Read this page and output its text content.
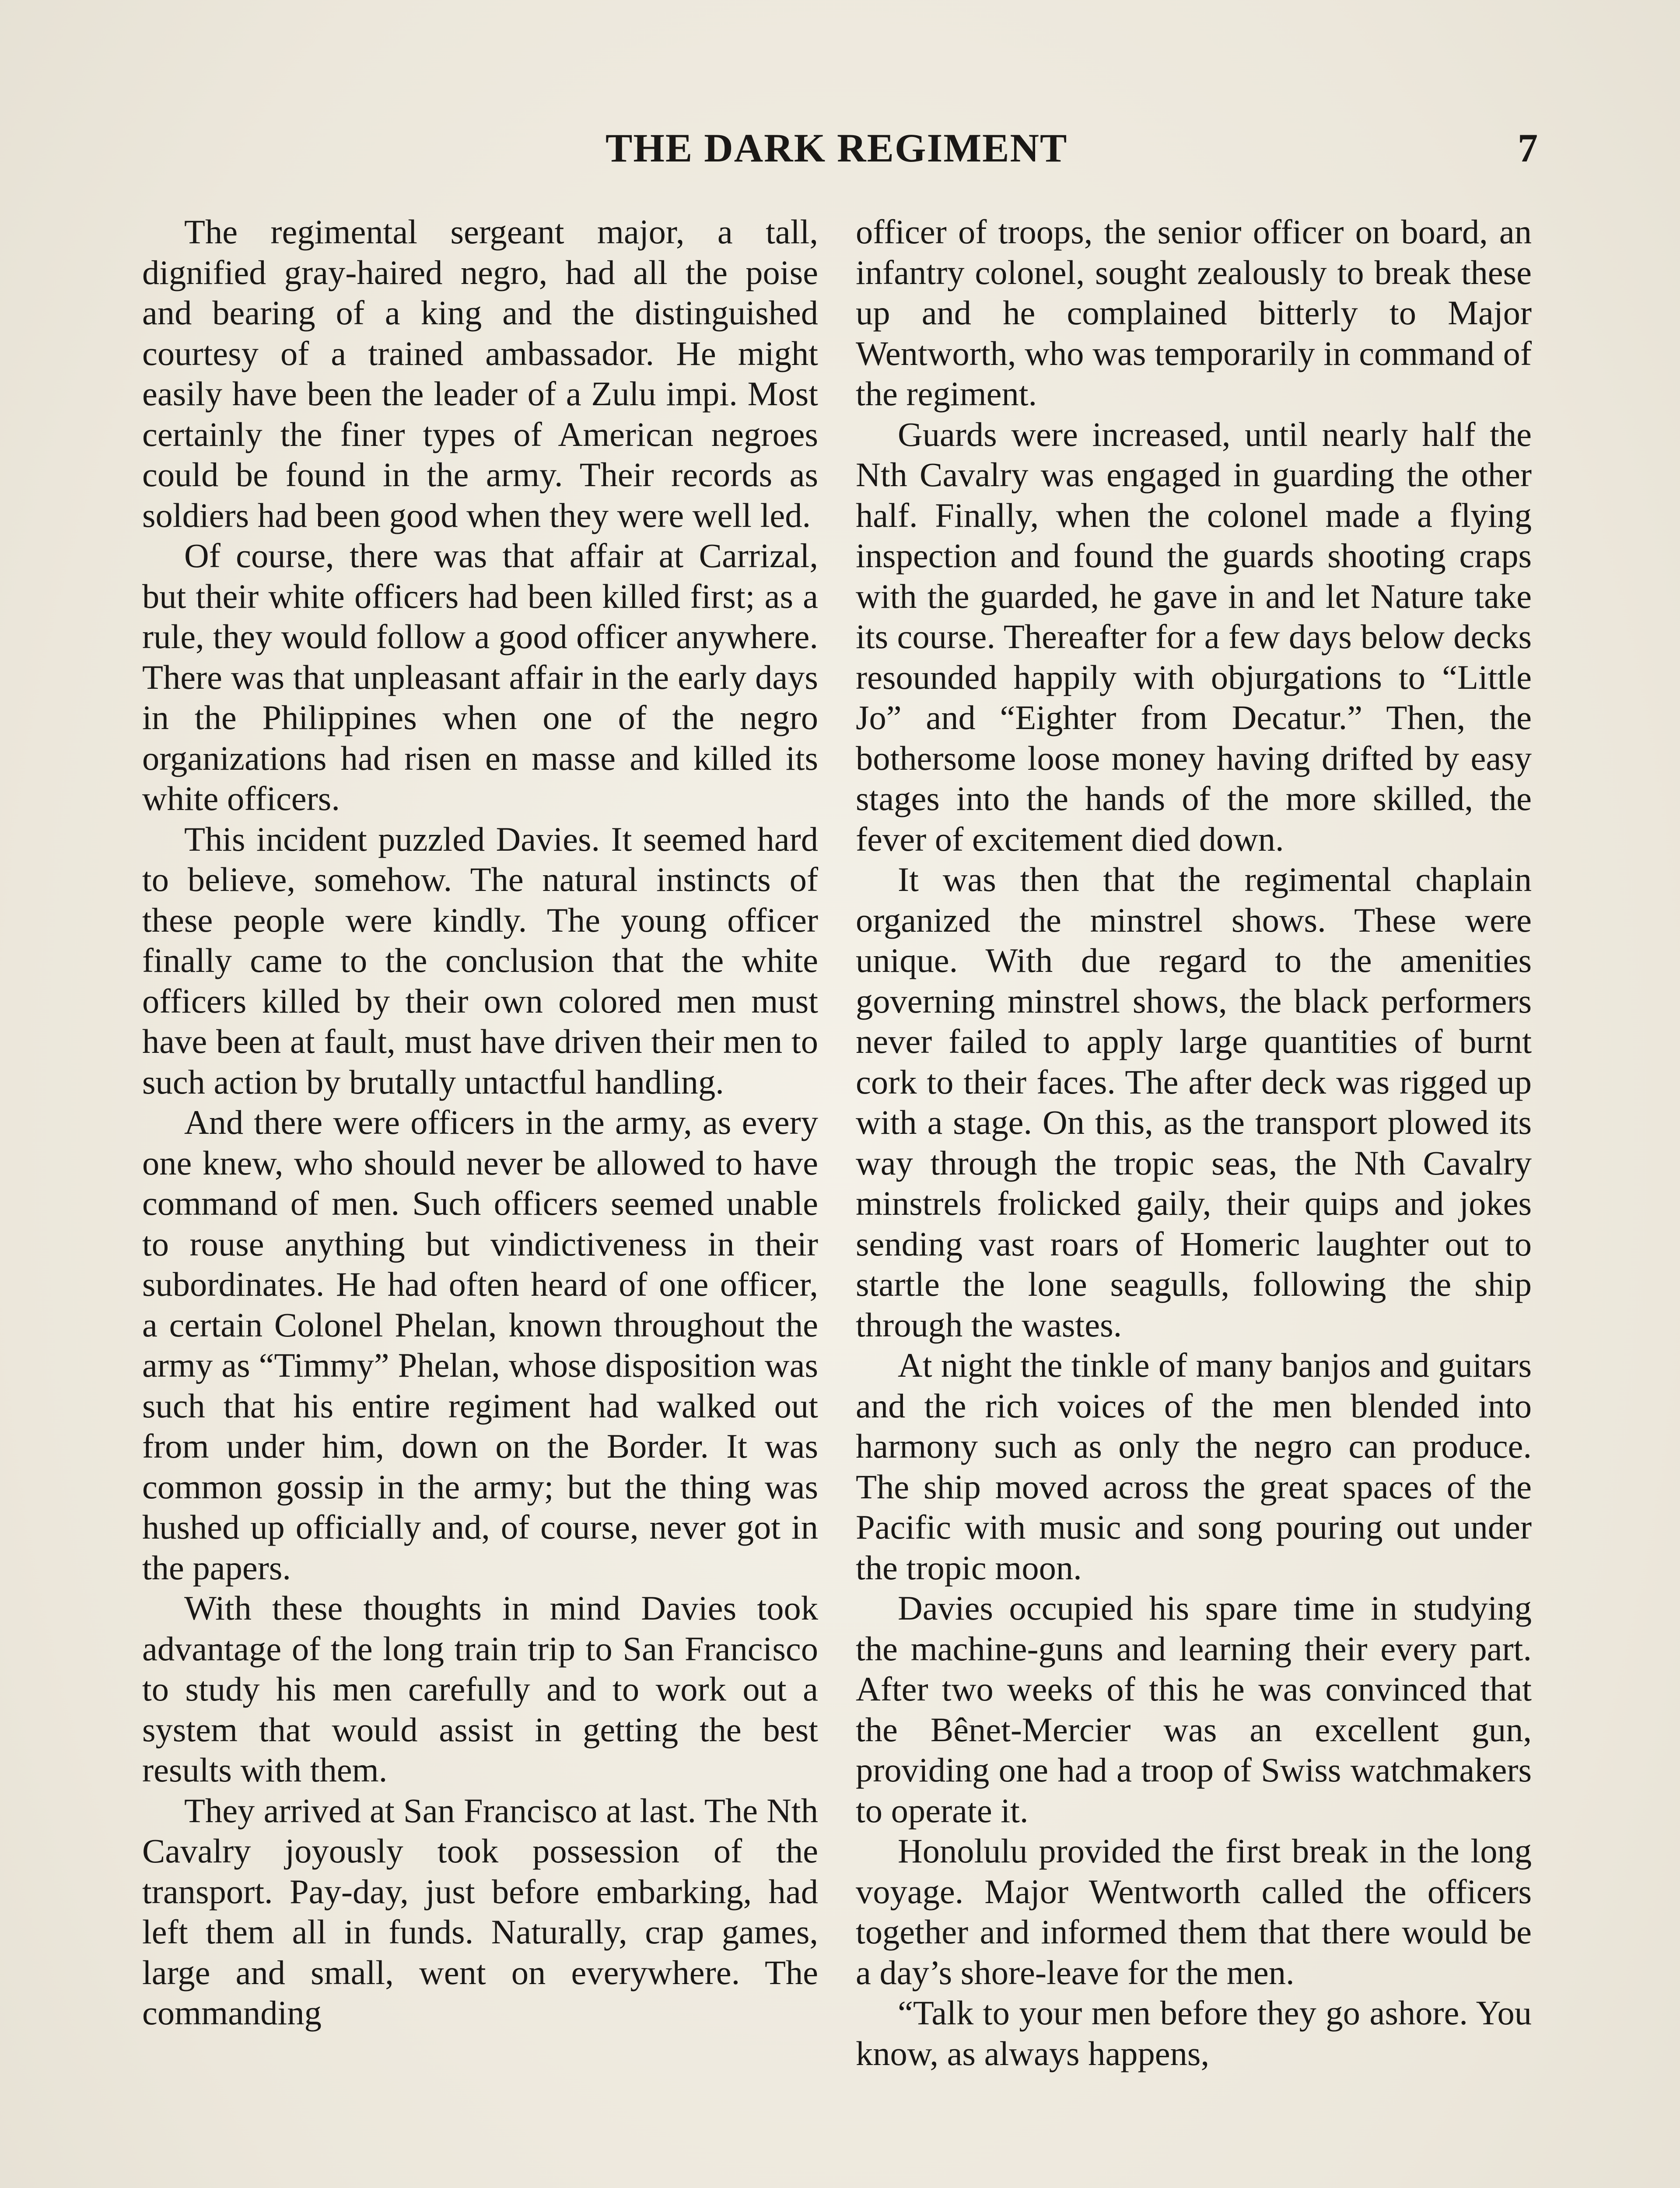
THE DARK REGIMENT	7

The regimental sergeant major, a tall, dignified gray-haired negro, had all the poise and bearing of a king and the distinguished courtesy of a trained ambassador. He might easily have been the leader of a Zulu impi. Most certainly the finer types of American negroes could be found in the army. Their records as soldiers had been good when they were well led.

Of course, there was that affair at Carrizal, but their white officers had been killed first; as a rule, they would follow a good officer anywhere. There was that unpleasant affair in the early days in the Philippines when one of the negro organizations had risen en masse and killed its white officers.

This incident puzzled Davies. It seemed hard to believe, somehow. The natural instincts of these people were kindly. The young officer finally came to the conclusion that the white officers killed by their own colored men must have been at fault, must have driven their men to such action by brutally untactful handling.

And there were officers in the army, as every one knew, who should never be allowed to have command of men. Such officers seemed unable to rouse anything but vindictiveness in their subordinates. He had often heard of one officer, a certain Colonel Phelan, known throughout the army as “Timmy” Phelan, whose disposition was such that his entire regiment had walked out from under him, down on the Border. It was common gossip in the army; but the thing was hushed up officially and, of course, never got in the papers.

With these thoughts in mind Davies took advantage of the long train trip to San Francisco to study his men carefully and to work out a system that would assist in getting the best results with them.

They arrived at San Francisco at last. The Nth Cavalry joyously took possession of the transport. Pay-day, just before embarking, had left them all in funds. Naturally, crap games, large and small, went on everywhere. The commanding

officer of troops, the senior officer on board, an infantry colonel, sought zealously to break these up and he complained bitterly to Major Wentworth, who was temporarily in command of the regiment.

Guards were increased, until nearly half the Nth Cavalry was engaged in guarding the other half. Finally, when the colonel made a flying inspection and found the guards shooting craps with the guarded, he gave in and let Nature take its course. Thereafter for a few days below decks resounded happily with objurgations to “Little Jo” and “Eighter from Decatur.” Then, the bothersome loose money having drifted by easy stages into the hands of the more skilled, the fever of excitement died down.

It was then that the regimental chaplain organized the minstrel shows. These were unique. With due regard to the amenities governing minstrel shows, the black performers never failed to apply large quantities of burnt cork to their faces. The after deck was rigged up with a stage. On this, as the transport plowed its way through the tropic seas, the Nth Cavalry minstrels frolicked gaily, their quips and jokes sending vast roars of Homeric laughter out to startle the lone seagulls, following the ship through the wastes.

At night the tinkle of many banjos and guitars and the rich voices of the men blended into harmony such as only the negro can produce. The ship moved across the great spaces of the Pacific with music and song pouring out under the tropic moon.

Davies occupied his spare time in studying the machine-guns and learning their every part. After two weeks of this he was convinced that the Bênet-Mercier was an excellent gun, providing one had a troop of Swiss watchmakers to operate it.

Honolulu provided the first break in the long voyage. Major Wentworth called the officers together and informed them that there would be a day’s shore-leave for the men.

“Talk to your men before they go ashore. You know, as always happens,
